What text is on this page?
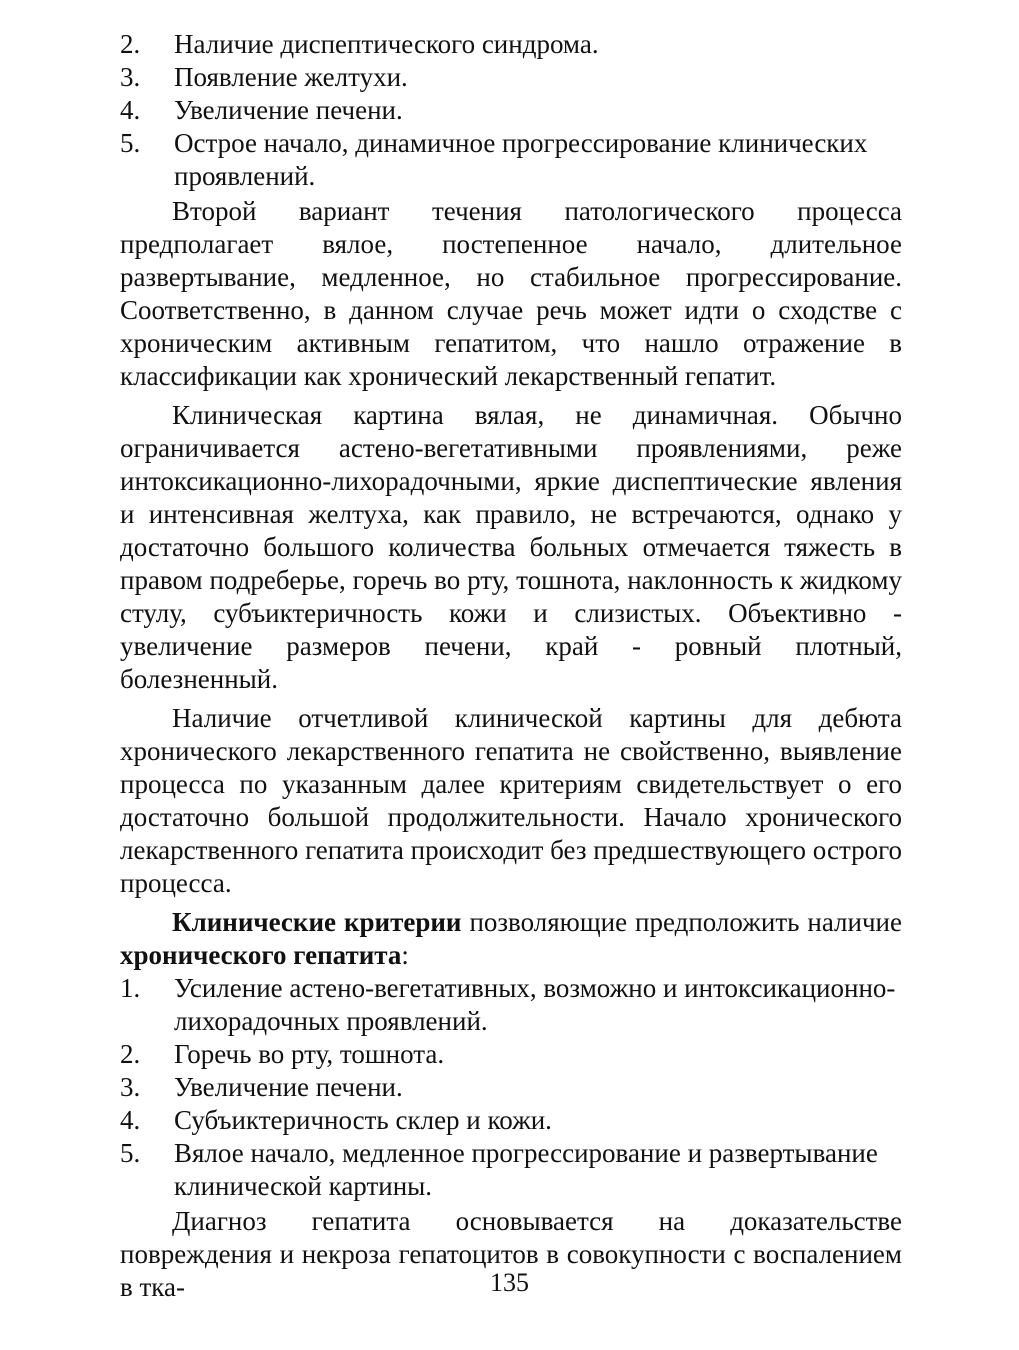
2. Наличие диспептического синдрома.
3. Появление желтухи.
4. Увеличение печени.
5. Острое начало, динамичное прогрессирование клинических проявлений.

Второй вариант течения патологического процесса предполагает вялое, постепенное начало, длительное развертывание, медленное, но стабильное прогрессирование. Соответственно, в данном случае речь может идти о сходстве с хроническим активным гепатитом, что нашло отражение в классификации как хронический лекарственный гепатит.

Клиническая картина вялая, не динамичная. Обычно ограничивается астено-вегетативными проявлениями, реже интоксикационно-лихорадочными, яркие диспептические явления и интенсивная желтуха, как правило, не встречаются, однако у достаточно большого количества больных отмечается тяжесть в правом подреберье, горечь во рту, тошнота, наклонность к жидкому стулу, субъиктеричность кожи и слизистых. Объективно - увеличение размеров печени, край - ровный плотный, болезненный.

Наличие отчетливой клинической картины для дебюта хронического лекарственного гепатита не свойственно, выявление процесса по указанным далее критериям свидетельствует о его достаточно большой продолжительности. Начало хронического лекарственного гепатита происходит без предшествующего острого процесса.

Клинические критерии позволяющие предположить наличие хронического гепатита:

1. Усиление астено-вегетативных, возможно и интоксикационно-лихорадочных проявлений.
2. Горечь во рту, тошнота.
3. Увеличение печени.
4. Субъиктеричность склер и кожи.
5. Вялое начало, медленное прогрессирование и развертывание клинической картины.

Диагноз гепатита основывается на доказательстве повреждения и некроза гепатоцитов в совокупности с воспалением в тка-	135
